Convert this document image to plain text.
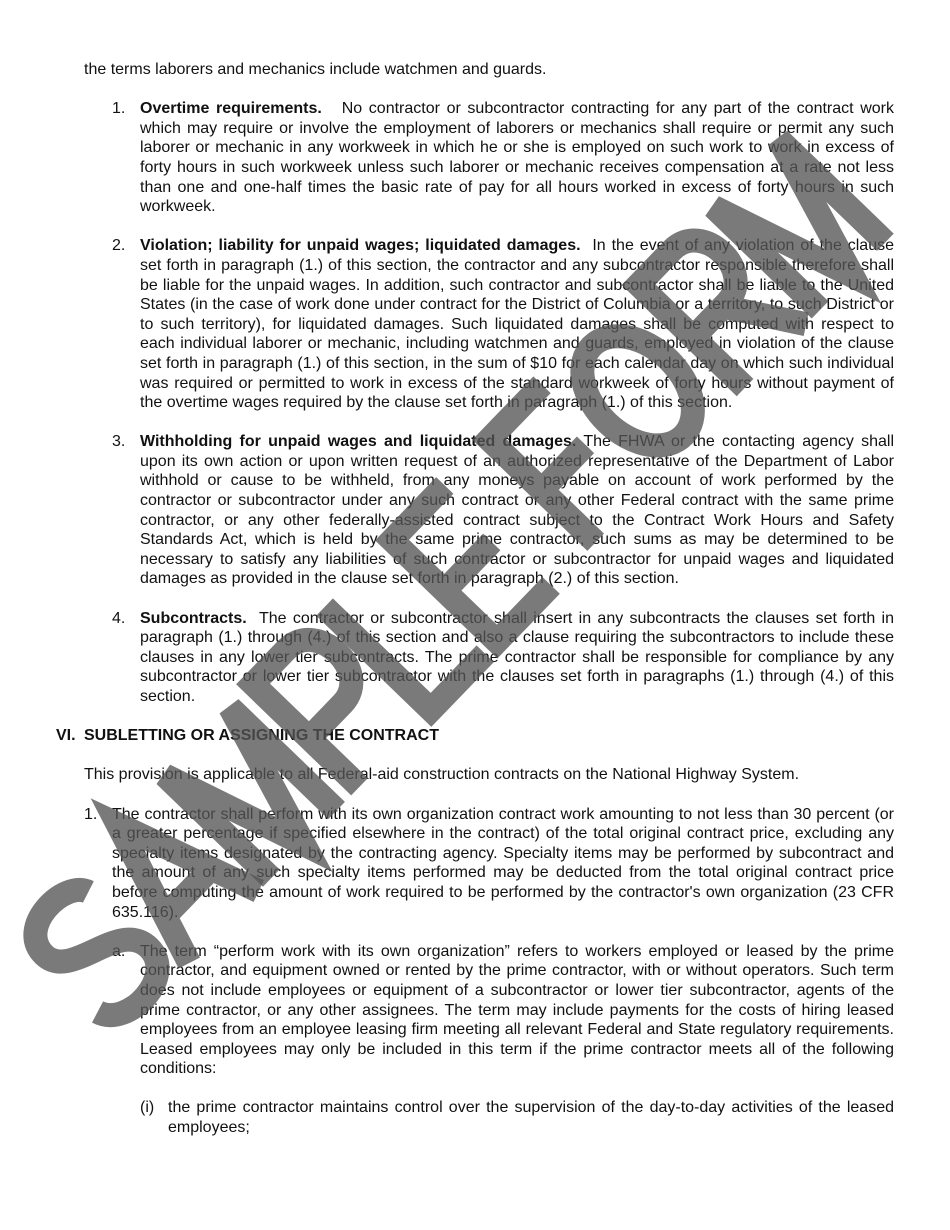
the terms laborers and mechanics include watchmen and guards.
1. Overtime requirements. No contractor or subcontractor contracting for any part of the contract work which may require or involve the employment of laborers or mechanics shall require or permit any such laborer or mechanic in any workweek in which he or she is employed on such work to work in excess of forty hours in such workweek unless such laborer or mechanic receives compensation at a rate not less than one and one-half times the basic rate of pay for all hours worked in excess of forty hours in such workweek.
2. Violation; liability for unpaid wages; liquidated damages. In the event of any violation of the clause set forth in paragraph (1.) of this section, the contractor and any subcontractor responsible therefore shall be liable for the unpaid wages. In addition, such contractor and subcontractor shall be liable to the United States (in the case of work done under contract for the District of Columbia or a territory, to such District or to such territory), for liquidated damages. Such liquidated damages shall be computed with respect to each individual laborer or mechanic, including watchmen and guards, employed in violation of the clause set forth in paragraph (1.) of this section, in the sum of $10 for each calendar day on which such individual was required or permitted to work in excess of the standard workweek of forty hours without payment of the overtime wages required by the clause set forth in paragraph (1.) of this section.
3. Withholding for unpaid wages and liquidated damages. The FHWA or the contacting agency shall upon its own action or upon written request of an authorized representative of the Department of Labor withhold or cause to be withheld, from any moneys payable on account of work performed by the contractor or subcontractor under any such contract or any other Federal contract with the same prime contractor, or any other federally-assisted contract subject to the Contract Work Hours and Safety Standards Act, which is held by the same prime contractor, such sums as may be determined to be necessary to satisfy any liabilities of such contractor or subcontractor for unpaid wages and liquidated damages as provided in the clause set forth in paragraph (2.) of this section.
4. Subcontracts. The contractor or subcontractor shall insert in any subcontracts the clauses set forth in paragraph (1.) through (4.) of this section and also a clause requiring the subcontractors to include these clauses in any lower tier subcontracts. The prime contractor shall be responsible for compliance by any subcontractor or lower tier subcontractor with the clauses set forth in paragraphs (1.) through (4.) of this section.
VI. SUBLETTING OR ASSIGNING THE CONTRACT
This provision is applicable to all Federal-aid construction contracts on the National Highway System.
1. The contractor shall perform with its own organization contract work amounting to not less than 30 percent (or a greater percentage if specified elsewhere in the contract) of the total original contract price, excluding any specialty items designated by the contracting agency. Specialty items may be performed by subcontract and the amount of any such specialty items performed may be deducted from the total original contract price before computing the amount of work required to be performed by the contractor's own organization (23 CFR 635.116).
a. The term “perform work with its own organization” refers to workers employed or leased by the prime contractor, and equipment owned or rented by the prime contractor, with or without operators. Such term does not include employees or equipment of a subcontractor or lower tier subcontractor, agents of the prime contractor, or any other assignees. The term may include payments for the costs of hiring leased employees from an employee leasing firm meeting all relevant Federal and State regulatory requirements. Leased employees may only be included in this term if the prime contractor meets all of the following conditions:
(i) the prime contractor maintains control over the supervision of the day-to-day activities of the leased employees;
